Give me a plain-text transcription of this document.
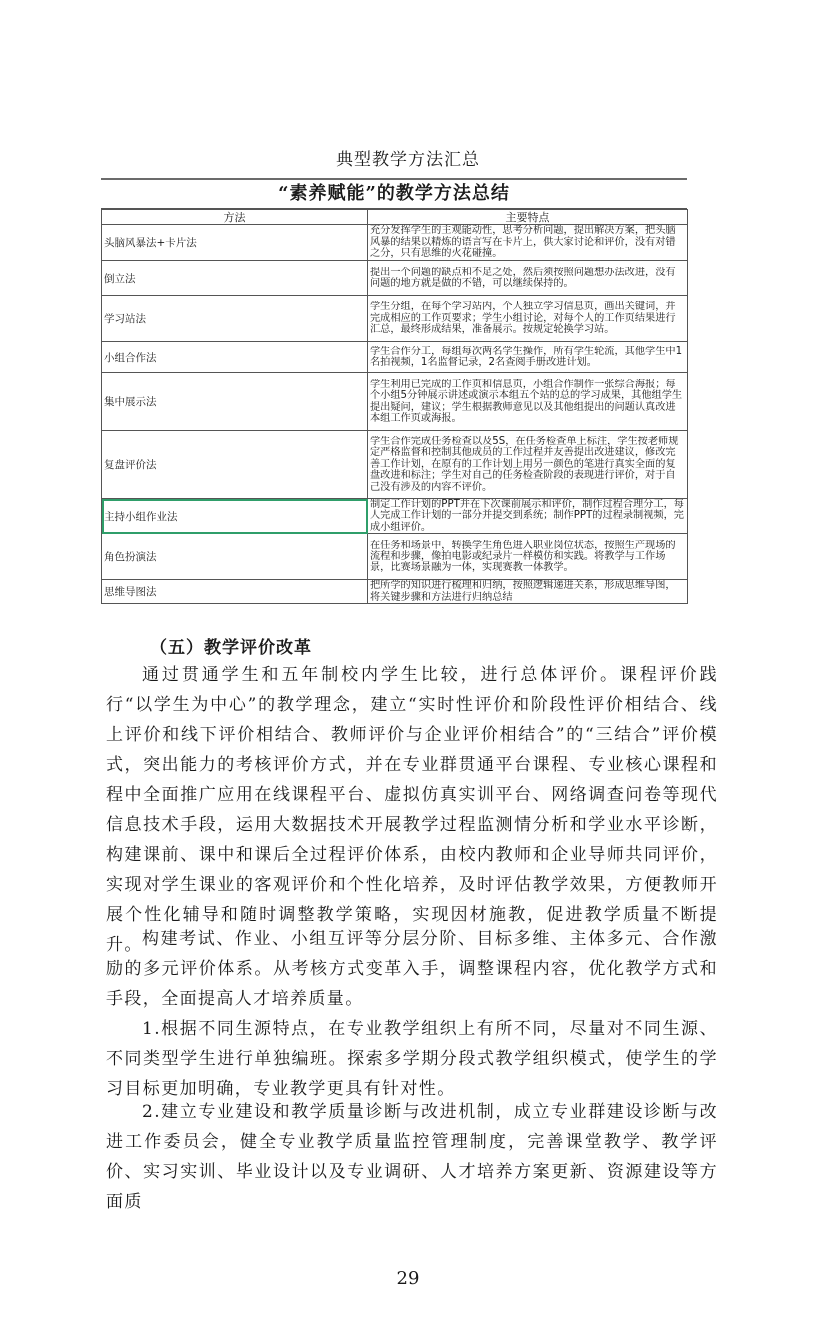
典型教学方法汇总
“素养赋能”的教学方法总结
方法	主要特点
头脑风暴法+卡片法	充分发挥学生的主观能动性，思考分析问题，提出解决方案，把头脑风暴的结果以精炼的语言写在卡片上，供大家讨论和评价，没有对错之分，只有思维的火花碰撞。

倒立法	提出一个问题的缺点和不足之处，然后须按照问题想办法改进，没有问题的地方就是做的不错，可以继续保持的。

学习站法	学生分组，在每个学习站内，个人独立学习信息页，画出关键词，并完成相应的工作页要求；学生小组讨论，对每个人的工作页结果进行汇总，最终形成结果，准备展示。按规定轮换学习站。

小组合作法	学生合作分工，每组每次两名学生操作，所有学生轮流，其他学生中1名拍视频，1名监督记录，2名查阅手册改进计划。

集中展示法	学生利用已完成的工作页和信息页，小组合作制作一张综合海报；每个小组5分钟展示讲述或演示本组五个站的总的学习成果，其他组学生提出疑问，建议；学生根据教师意见以及其他组提出的问题认真改进本组工作页或海报。

复盘评价法	学生合作完成任务检查以及5S，在任务检查单上标注，学生按老师规定严格监督和控制其他成员的工作过程并友善提出改进建议，修改完善工作计划，在原有的工作计划上用另一颜色的笔进行真实全面的复盘改进和标注；学生对自己的任务检查阶段的表现进行评价，对于自己没有涉及的内容不评价。

主持小组作业法	制定工作计划的PPT并在下次课前展示和评价，制作过程合理分工，每人完成工作计划的一部分并提交到系统；制作PPT的过程录制视频，完成小组评价。

角色扮演法	在任务和场景中，转换学生角色进入职业岗位状态，按照生产现场的流程和步骤，像拍电影或纪录片一样模仿和实践。将教学与工作场景，比赛场景融为一体，实现赛教一体教学。

思维导图法	把所学的知识进行梳理和归纳，按照逻辑递进关系，形成思维导图，将关键步骤和方法进行归纳总结
（五）教学评价改革

通过贯通学生和五年制校内学生比较，进行总体评价。课程评价践行“以学生为中心”的教学理念，建立“实时性评价和阶段性评价相结合、线上评价和线下评价相结合、教师评价与企业评价相结合”的“三结合”评价模式，突出能力的考核评价方式，并在专业群贯通平台课程、专业核心课程和程中全面推广应用在线课程平台、虚拟仿真实训平台、网络调查问卷等现代信息技术手段，运用大数据技术开展教学过程监测情分析和学业水平诊断，构建课前、课中和课后全过程评价体系，由校内教师和企业导师共同评价，实现对学生课业的客观评价和个性化培养，及时评估教学效果，方便教师开展个性化辅导和随时调整教学策略，实现因材施教，促进教学质量不断提升。 构建考试、作业、小组互评等分层分阶、目标多维、主体多元、合作激励的多元评价体系。从考核方式变革入手，调整课程内容，优化教学方式和手段，全面提高人才培养质量。

1.根据不同生源特点，在专业教学组织上有所不同，尽量对不同生源、不同类型学生进行单独编班。探索多学期分段式教学组织模式，使学生的学习目标更加明确，专业教学更具有针对性。

2.建立专业建设和教学质量诊断与改进机制，成立专业群建设诊断与改进工作委员会，健全专业教学质量监控管理制度，完善课堂教学、教学评价、实习实训、毕业设计以及专业调研、人才培养方案更新、资源建设等方面质

29
